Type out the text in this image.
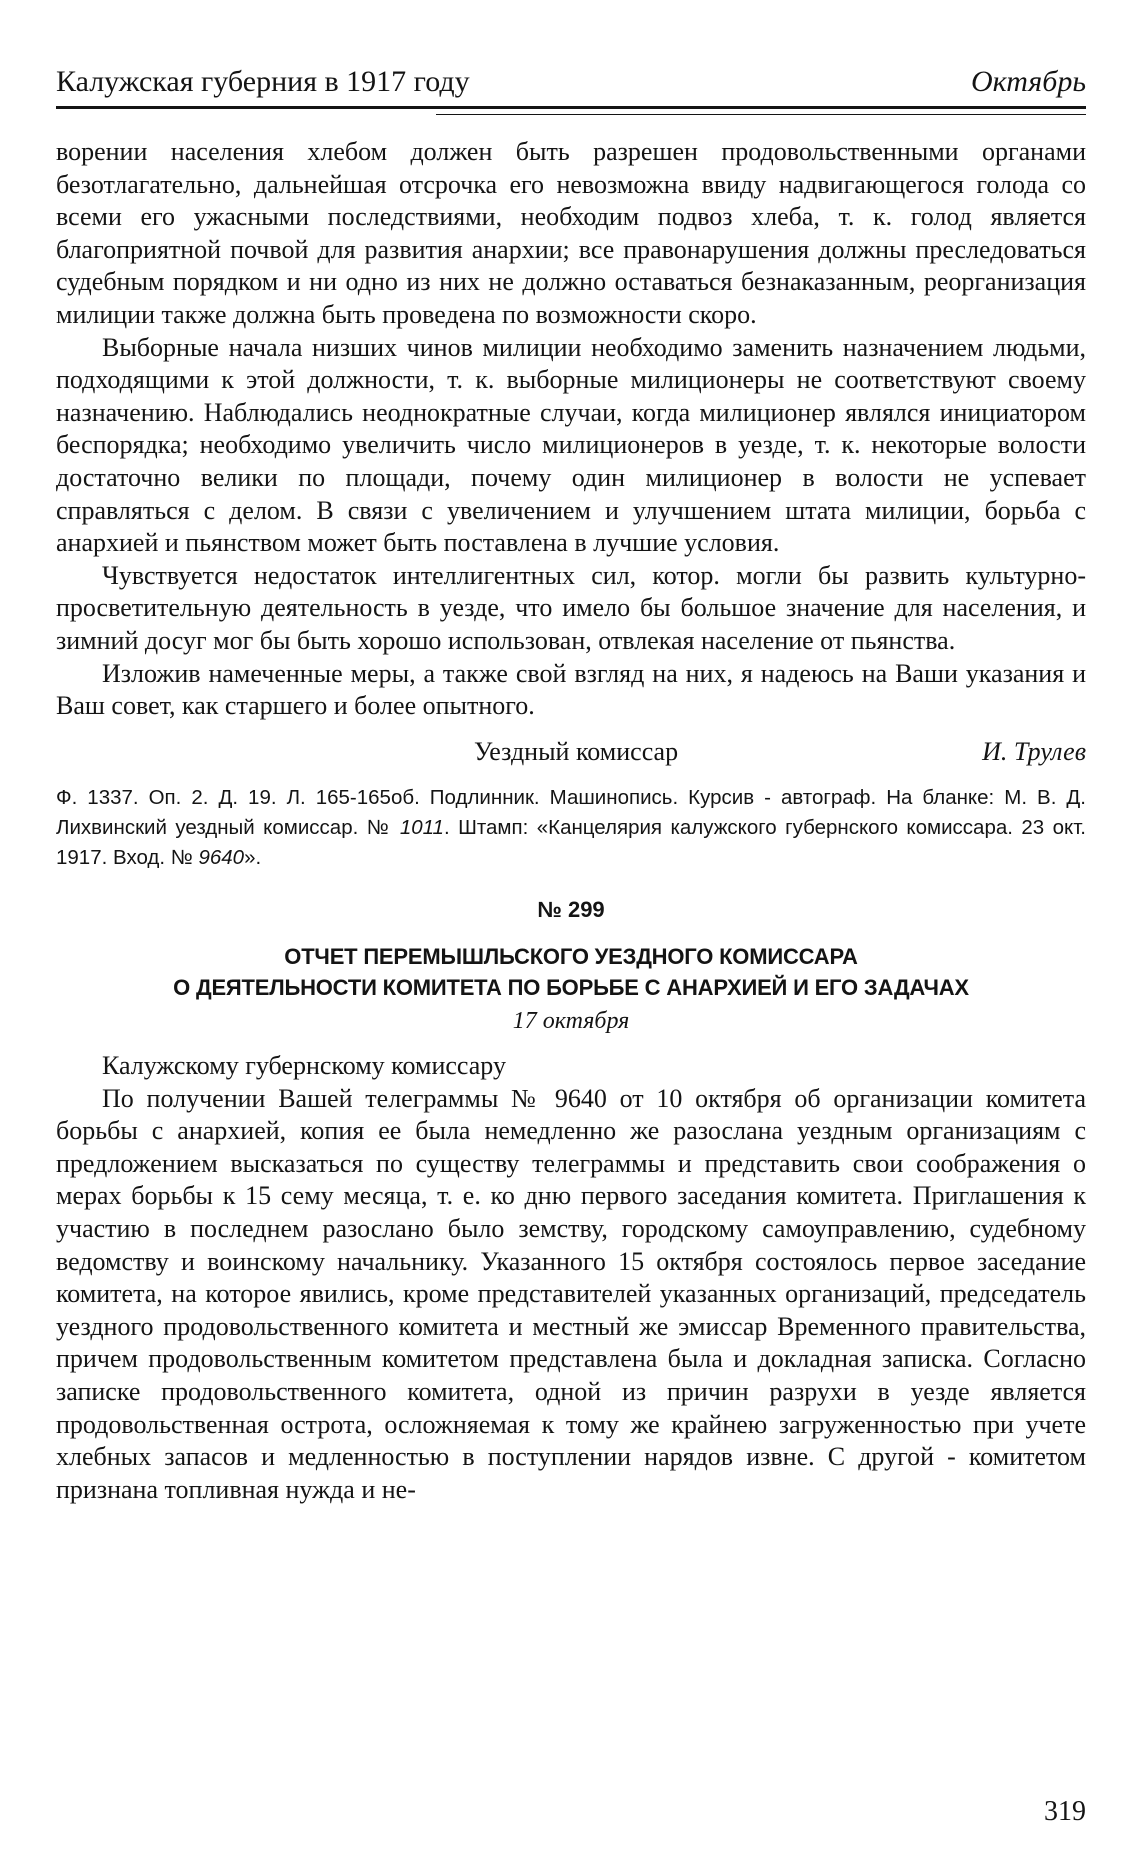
Калужская губерния в 1917 году	Октябрь

ворении населения хлебом должен быть разрешен продовольственными органами безотлагательно, дальнейшая отсрочка его невозможна ввиду надвигающегося голода со всеми его ужасными последствиями, необходим подвоз хлеба, т. к. голод является благоприятной почвой для развития анархии; все правонарушения должны преследоваться судебным порядком и ни одно из них не должно оставаться безнаказанным, реорганизация милиции также должна быть проведена по возможности скоро.

Выборные начала низших чинов милиции необходимо заменить назначением людьми, подходящими к этой должности, т. к. выборные милиционеры не соответствуют своему назначению. Наблюдались неоднократные случаи, когда милиционер являлся инициатором беспорядка; необходимо увеличить число милиционеров в уезде, т. к. некоторые волости достаточно велики по площади, почему один милиционер в волости не успевает справляться с делом. В связи с увеличением и улучшением штата милиции, борьба с анархией и пьянством может быть поставлена в лучшие условия.

Чувствуется недостаток интеллигентных сил, котор. могли бы развить культурно-просветительную деятельность в уезде, что имело бы большое значение для населения, и зимний досуг мог бы быть хорошо использован, отвлекая население от пьянства.

Изложив намеченные меры, а также свой взгляд на них, я надеюсь на Ваши указания и Ваш совет, как старшего и более опытного.

Уездный комиссар	И. Трулев
Ф. 1337. Оп. 2. Д. 19. Л. 165-165об. Подлинник. Машинопись. Курсив - автограф. На бланке: М. В. Д. Лихвинский уездный комиссар. № 1011. Штамп: «Канцелярия калужского губернского комиссара. 23 окт. 1917. Вход. № 9640».
№ 299
ОТЧЕТ ПЕРЕМЫШЛЬСКОГО УЕЗДНОГО КОМИССАРА
О ДЕЯТЕЛЬНОСТИ КОМИТЕТА ПО БОРЬБЕ С АНАРХИЕЙ И ЕГО ЗАДАЧАХ
17 октября
Калужскому губернскому комиссару

По получении Вашей телеграммы № 9640 от 10 октября об организации комитета борьбы с анархией, копия ее была немедленно же разослана уездным организациям с предложением высказаться по существу телеграммы и представить свои соображения о мерах борьбы к 15 сему месяца, т. е. ко дню первого заседания комитета. Приглашения к участию в последнем разослано было земству, городскому самоуправлению, судебному ведомству и воинскому начальнику. Указанного 15 октября состоялось первое заседание комитета, на которое явились, кроме представителей указанных организаций, председатель уездного продовольственного комитета и местный же эмиссар Временного правительства, причем продовольственным комитетом представлена была и докладная записка. Согласно записке продовольственного комитета, одной из причин разрухи в уезде является продовольственная острота, осложняемая к тому же крайнею загруженностью при учете хлебных запасов и медленностью в поступлении нарядов извне. С другой - комитетом признана топливная нужда и не-

319
